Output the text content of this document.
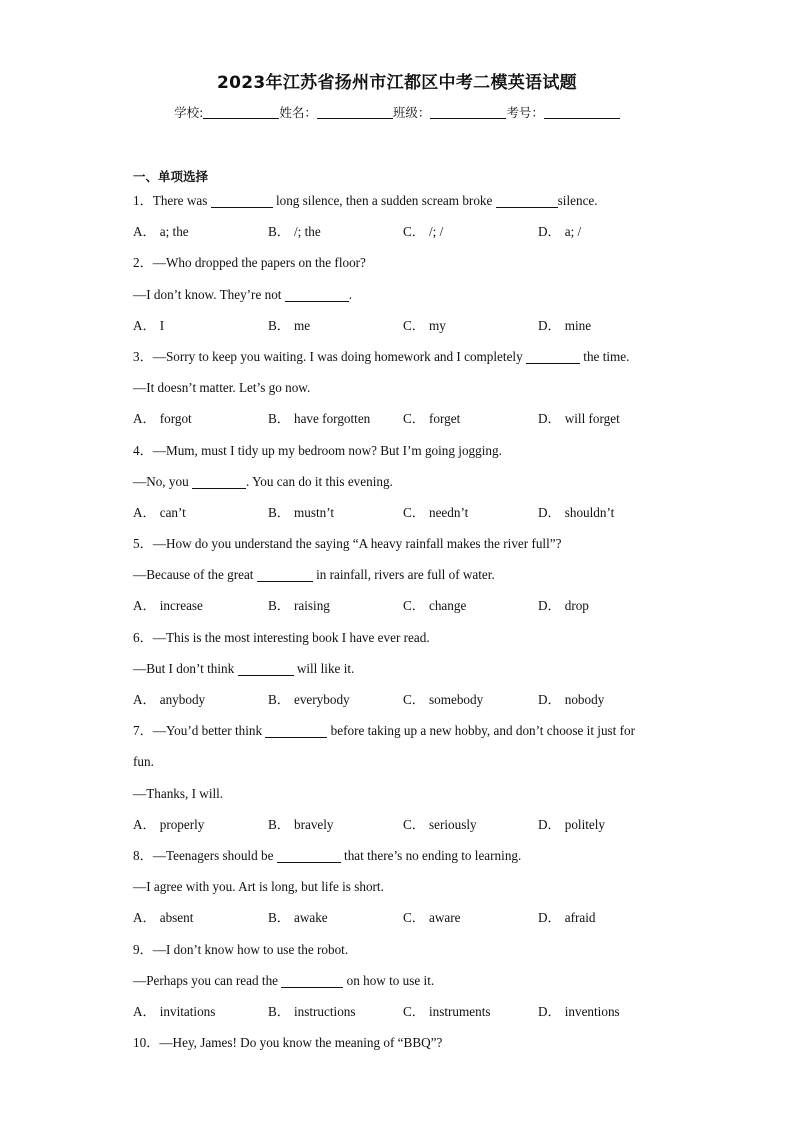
2023年江苏省扬州市江都区中考二模英语试题
学校:	姓名：	班级：	考号：
一、单项选择
1．There was	long silence, then a sudden scream broke	silence.
A． a; the	B． /; the	C． /; /	D． a; /
2．—Who dropped the papers on the floor?
—I don’t know. They’re not	.
A． I	B． me	C． my	D． mine
3．—Sorry to keep you waiting. I was doing homework and I completely	the time.
—It doesn’t matter. Let’s go now.
A． forgot	B． have forgotten	C． forget	D． will forget
4．—Mum, must I tidy up my bedroom now? But I’m going jogging.
—No, you	. You can do it this evening.
A． can’t	B． mustn’t	C． needn’t	D． shouldn’t
5．—How do you understand the saying “A heavy rainfall makes the river full”?
—Because of the great	in rainfall, rivers are full of water.
A． increase	B． raising	C． change	D． drop
6．—This is the most interesting book I have ever read.
—But I don’t think	will like it.
A． anybody	B． everybody	C． somebody	D． nobody
7．—You’d better think	before taking up a new hobby, and don’t choose it just for
fun.
—Thanks, I will.
A． properly	B． bravely	C． seriously	D． politely
8．—Teenagers should be	that there’s no ending to learning.
—I agree with you. Art is long, but life is short.
A． absent	B． awake	C． aware	D． afraid
9．—I don’t know how to use the robot.
—Perhaps you can read the	on how to use it.
A． invitations	B． instructions	C． instruments	D． inventions
10．—Hey, James! Do you know the meaning of “BBQ”?
